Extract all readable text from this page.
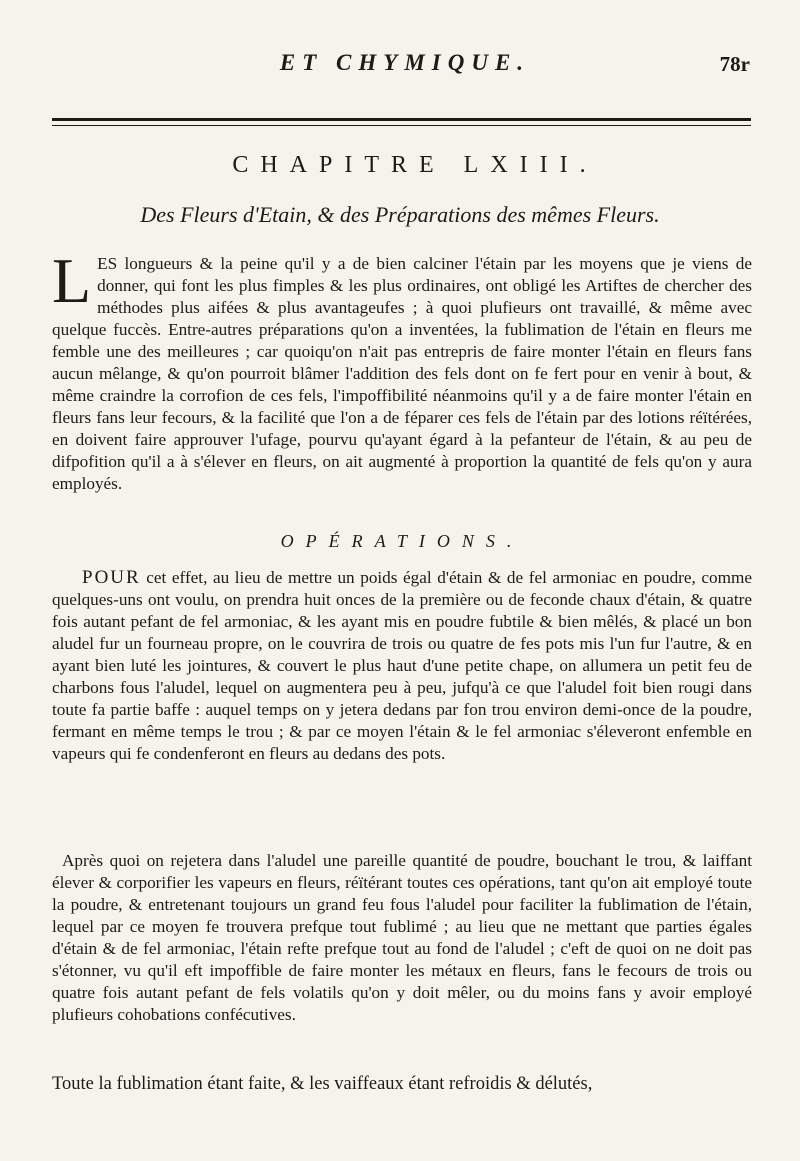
ET CHYMIQUE.	78r
CHAPITRE LXIII.
Des Fleurs d'Etain, & des Préparations des mêmes Fleurs.
L ES longueurs & la peine qu'il y a de bien calciner l'étain par les moyens que je viens de donner, qui font les plus fimples & les plus ordinaires, ont obligé les Artiftes de chercher des méthodes plus aifées & plus avantageufes ; à quoi plufieurs ont travaillé, & même avec quelque fuccès. Entre-autres préparations qu'on a inventées, la fublimation de l'étain en fleurs me femble une des meilleures ; car quoiqu'on n'ait pas entrepris de faire monter l'étain en fleurs fans aucun mêlange, & qu'on pourroit blâmer l'addition des fels dont on fe fert pour en venir à bout, & même craindre la corrofion de ces fels, l'impoffibilité néanmoins qu'il y a de faire monter l'étain en fleurs fans leur fecours, & la facilité que l'on a de féparer ces fels de l'étain par des lotions réïtérées, en doivent faire approuver l'ufage, pourvu qu'ayant égard à la pefanteur de l'étain, & au peu de difpofition qu'il a à s'élever en fleurs, on ait augmenté à proportion la quantité de fels qu'on y aura employés.
OPÉRATIONS.
POUR cet effet, au lieu de mettre un poids égal d'étain & de fel armoniac en poudre, comme quelques-uns ont voulu, on prendra huit onces de la première ou de feconde chaux d'étain, & quatre fois autant pefant de fel armoniac, & les ayant mis en poudre fubtile & bien mêlés, & placé un bon aludel fur un fourneau propre, on le couvrira de trois ou quatre de fes pots mis l'un fur l'autre, & en ayant bien luté les jointures, & couvert le plus haut d'une petite chape, on allumera un petit feu de charbons fous l'aludel, lequel on augmentera peu à peu, jufqu'à ce que l'aludel foit bien rougi dans toute fa partie baffe : auquel temps on y jetera dedans par fon trou environ demi-once de la poudre, fermant en même temps le trou ; & par ce moyen l'étain & le fel armoniac s'éleveront enfemble en vapeurs qui fe condenferont en fleurs au dedans des pots.
Après quoi on rejetera dans l'aludel une pareille quantité de poudre, bouchant le trou, & laiffant élever & corporifier les vapeurs en fleurs, réïtérant toutes ces opérations, tant qu'on ait employé toute la poudre, & entretenant toujours un grand feu fous l'aludel pour faciliter la fublimation de l'étain, lequel par ce moyen fe trouvera prefque tout fublimé ; au lieu que ne mettant que parties égales d'étain & de fel armoniac, l'étain refte prefque tout au fond de l'aludel ; c'eft de quoi on ne doit pas s'étonner, vu qu'il eft impoffible de faire monter les métaux en fleurs, fans le fecours de trois ou quatre fois autant pefant de fels volatils qu'on y doit mêler, ou du moins fans y avoir employé plufieurs cohobations confécutives.
Toute la fublimation étant faite, & les vaiffeaux étant refroidis & délutés,
